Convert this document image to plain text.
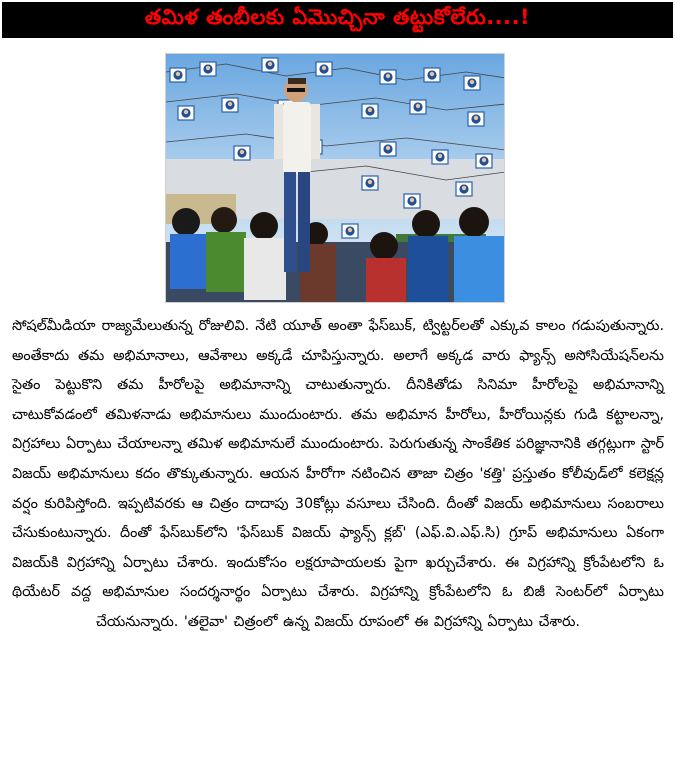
తమిళ తంబీలకు ఏమొచ్చినా తట్టుకోలేరు....!

సోషల్‌మీడియా రాజ్యమేలుతున్న రోజులివి. నేటి యూత్ అంతా ఫేస్‌బుక్, ట్విట్టర్‌లతో ఎక్కువ కాలం గడుపుతున్నారు. అంతేకాదు తమ అభిమానాలు, ఆవేశాలు అక్కడే చూపిస్తున్నారు. అలాగే అక్కడ వారు ఫ్యాన్స్ అసోసియేషన్‌లను సైతం పెట్టుకొని తమ హీరోలపై అభిమానాన్ని చాటుతున్నారు. దీనికితోడు సినిమా హీరోలపై అభిమానాన్ని చాటుకోవడంలో తమిళనాడు అభిమానులు ముందుంటారు. తమ అభిమాన హీరోలు, హీరోయిన్లకు గుడి కట్టాలన్నా, విగ్రహాలు ఏర్పాటు చేయాలన్నా తమిళ అభిమానులే ముందుంటారు. పెరుగుతున్న సాంకేతిక పరిజ్ఞానానికి తగ్గట్లుగా స్టార్ విజయ్ అభిమానులు కదం తొక్కుతున్నారు. ఆయన హీరోగా నటించిన తాజా చిత్రం 'కత్తి' ప్రస్తుతం కోలీవుడ్‌లో కలెక్షన్ల వర్షం కురిపిస్తోంది. ఇప్పటివరకు ఆ చిత్రం దాదాపు 30కోట్లు వసూలు చేసింది. దీంతో విజయ్ అభిమానులు సంబరాలు చేసుకుంటున్నారు. దీంతో ఫేస్‌బుక్‌లోని 'ఫేస్‌బుక్ విజయ్ ఫ్యాన్స్ క్లబ్' (ఎఫ్.వి.ఎఫ్.సి) గ్రూప్ అభిమానులు ఏకంగా విజయ్‌కి విగ్రహాన్ని ఏర్పాటు చేశారు. ఇందుకోసం లక్షరూపాయలకు పైగా ఖర్చుచేశారు. ఈ విగ్రహాన్ని క్రోంపేటలోని ఓ థియేటర్ వద్ద అభిమానుల సందర్శనార్థం ఏర్పాటు చేశారు. విగ్రహాన్ని క్రోంపేటలోని ఓ బిజీ సెంటర్‌లో ఏర్పాటు చేయనున్నారు. 'తలైవా' చిత్రంలో ఉన్న విజయ్ రూపంలో ఈ విగ్రహాన్ని ఏర్పాటు చేశారు.
